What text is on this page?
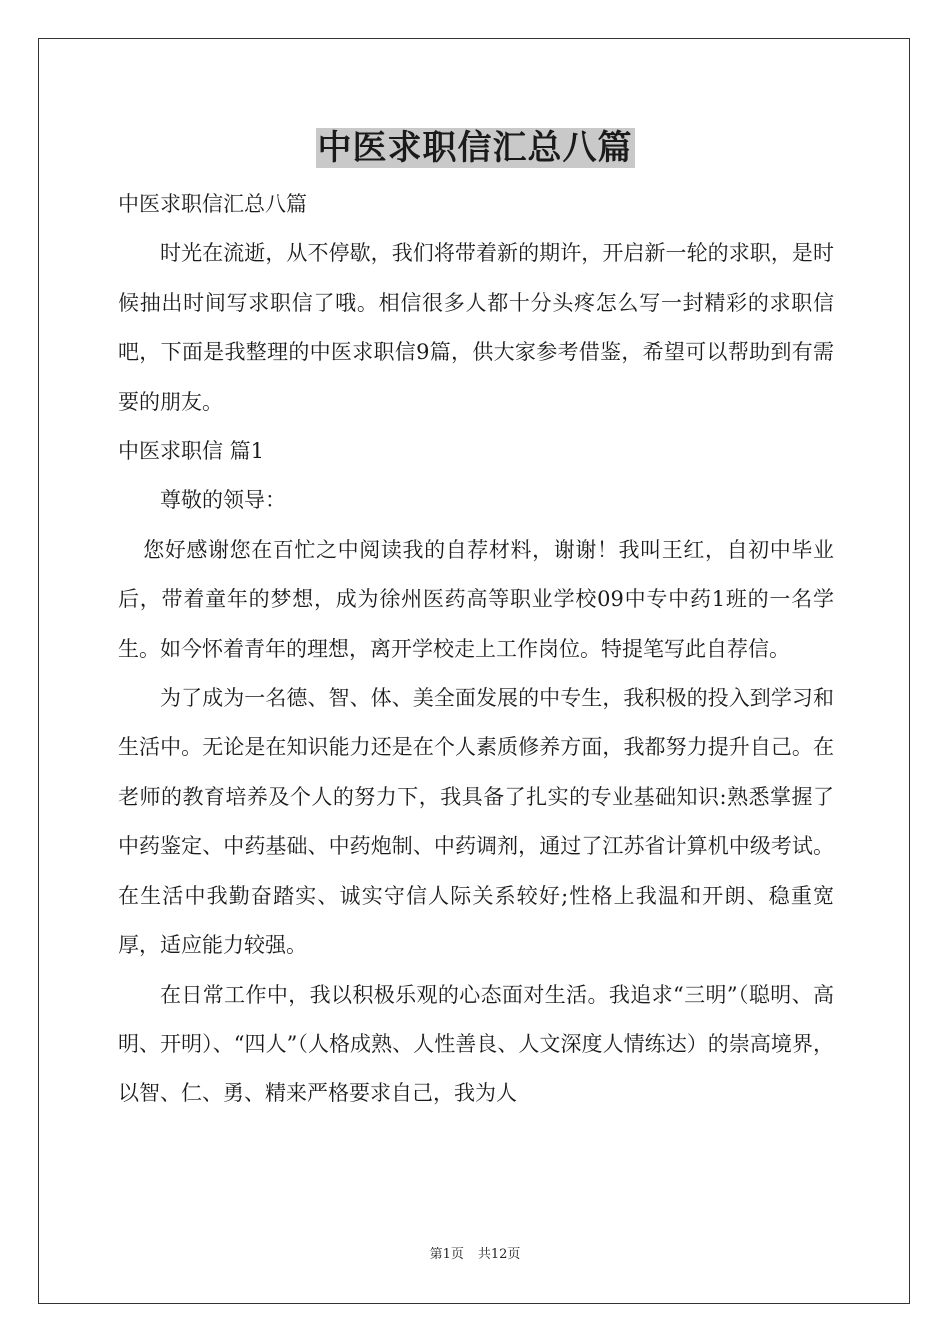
中医求职信汇总八篇

中医求职信汇总八篇

时光在流逝，从不停歇，我们将带着新的期许，开启新一轮的求职，是时候抽出时间写求职信了哦。相信很多人都十分头疼怎么写一封精彩的求职信吧，下面是我整理的中医求职信9篇，供大家参考借鉴，希望可以帮助到有需要的朋友。

中医求职信 篇1

尊敬的领导：

您好感谢您在百忙之中阅读我的自荐材料，谢谢！我叫王红，自初中毕业后，带着童年的梦想，成为徐州医药高等职业学校09中专中药1班的一名学生。如今怀着青年的理想，离开学校走上工作岗位。特提笔写此自荐信。

为了成为一名德、智、体、美全面发展的中专生，我积极的投入到学习和生活中。无论是在知识能力还是在个人素质修养方面，我都努力提升自己。在老师的教育培养及个人的努力下，我具备了扎实的专业基础知识:熟悉掌握了中药鉴定、中药基础、中药炮制、中药调剂，通过了江苏省计算机中级考试。在生活中我勤奋踏实、诚实守信人际关系较好;性格上我温和开朗、稳重宽厚，适应能力较强。

在日常工作中，我以积极乐观的心态面对生活。我追求“三明”（聪明、高明、开明）、“四人”（人格成熟、人性善良、人文深度人情练达）的崇高境界，以智、仁、勇、精来严格要求自己，我为人

第1页 共12页
